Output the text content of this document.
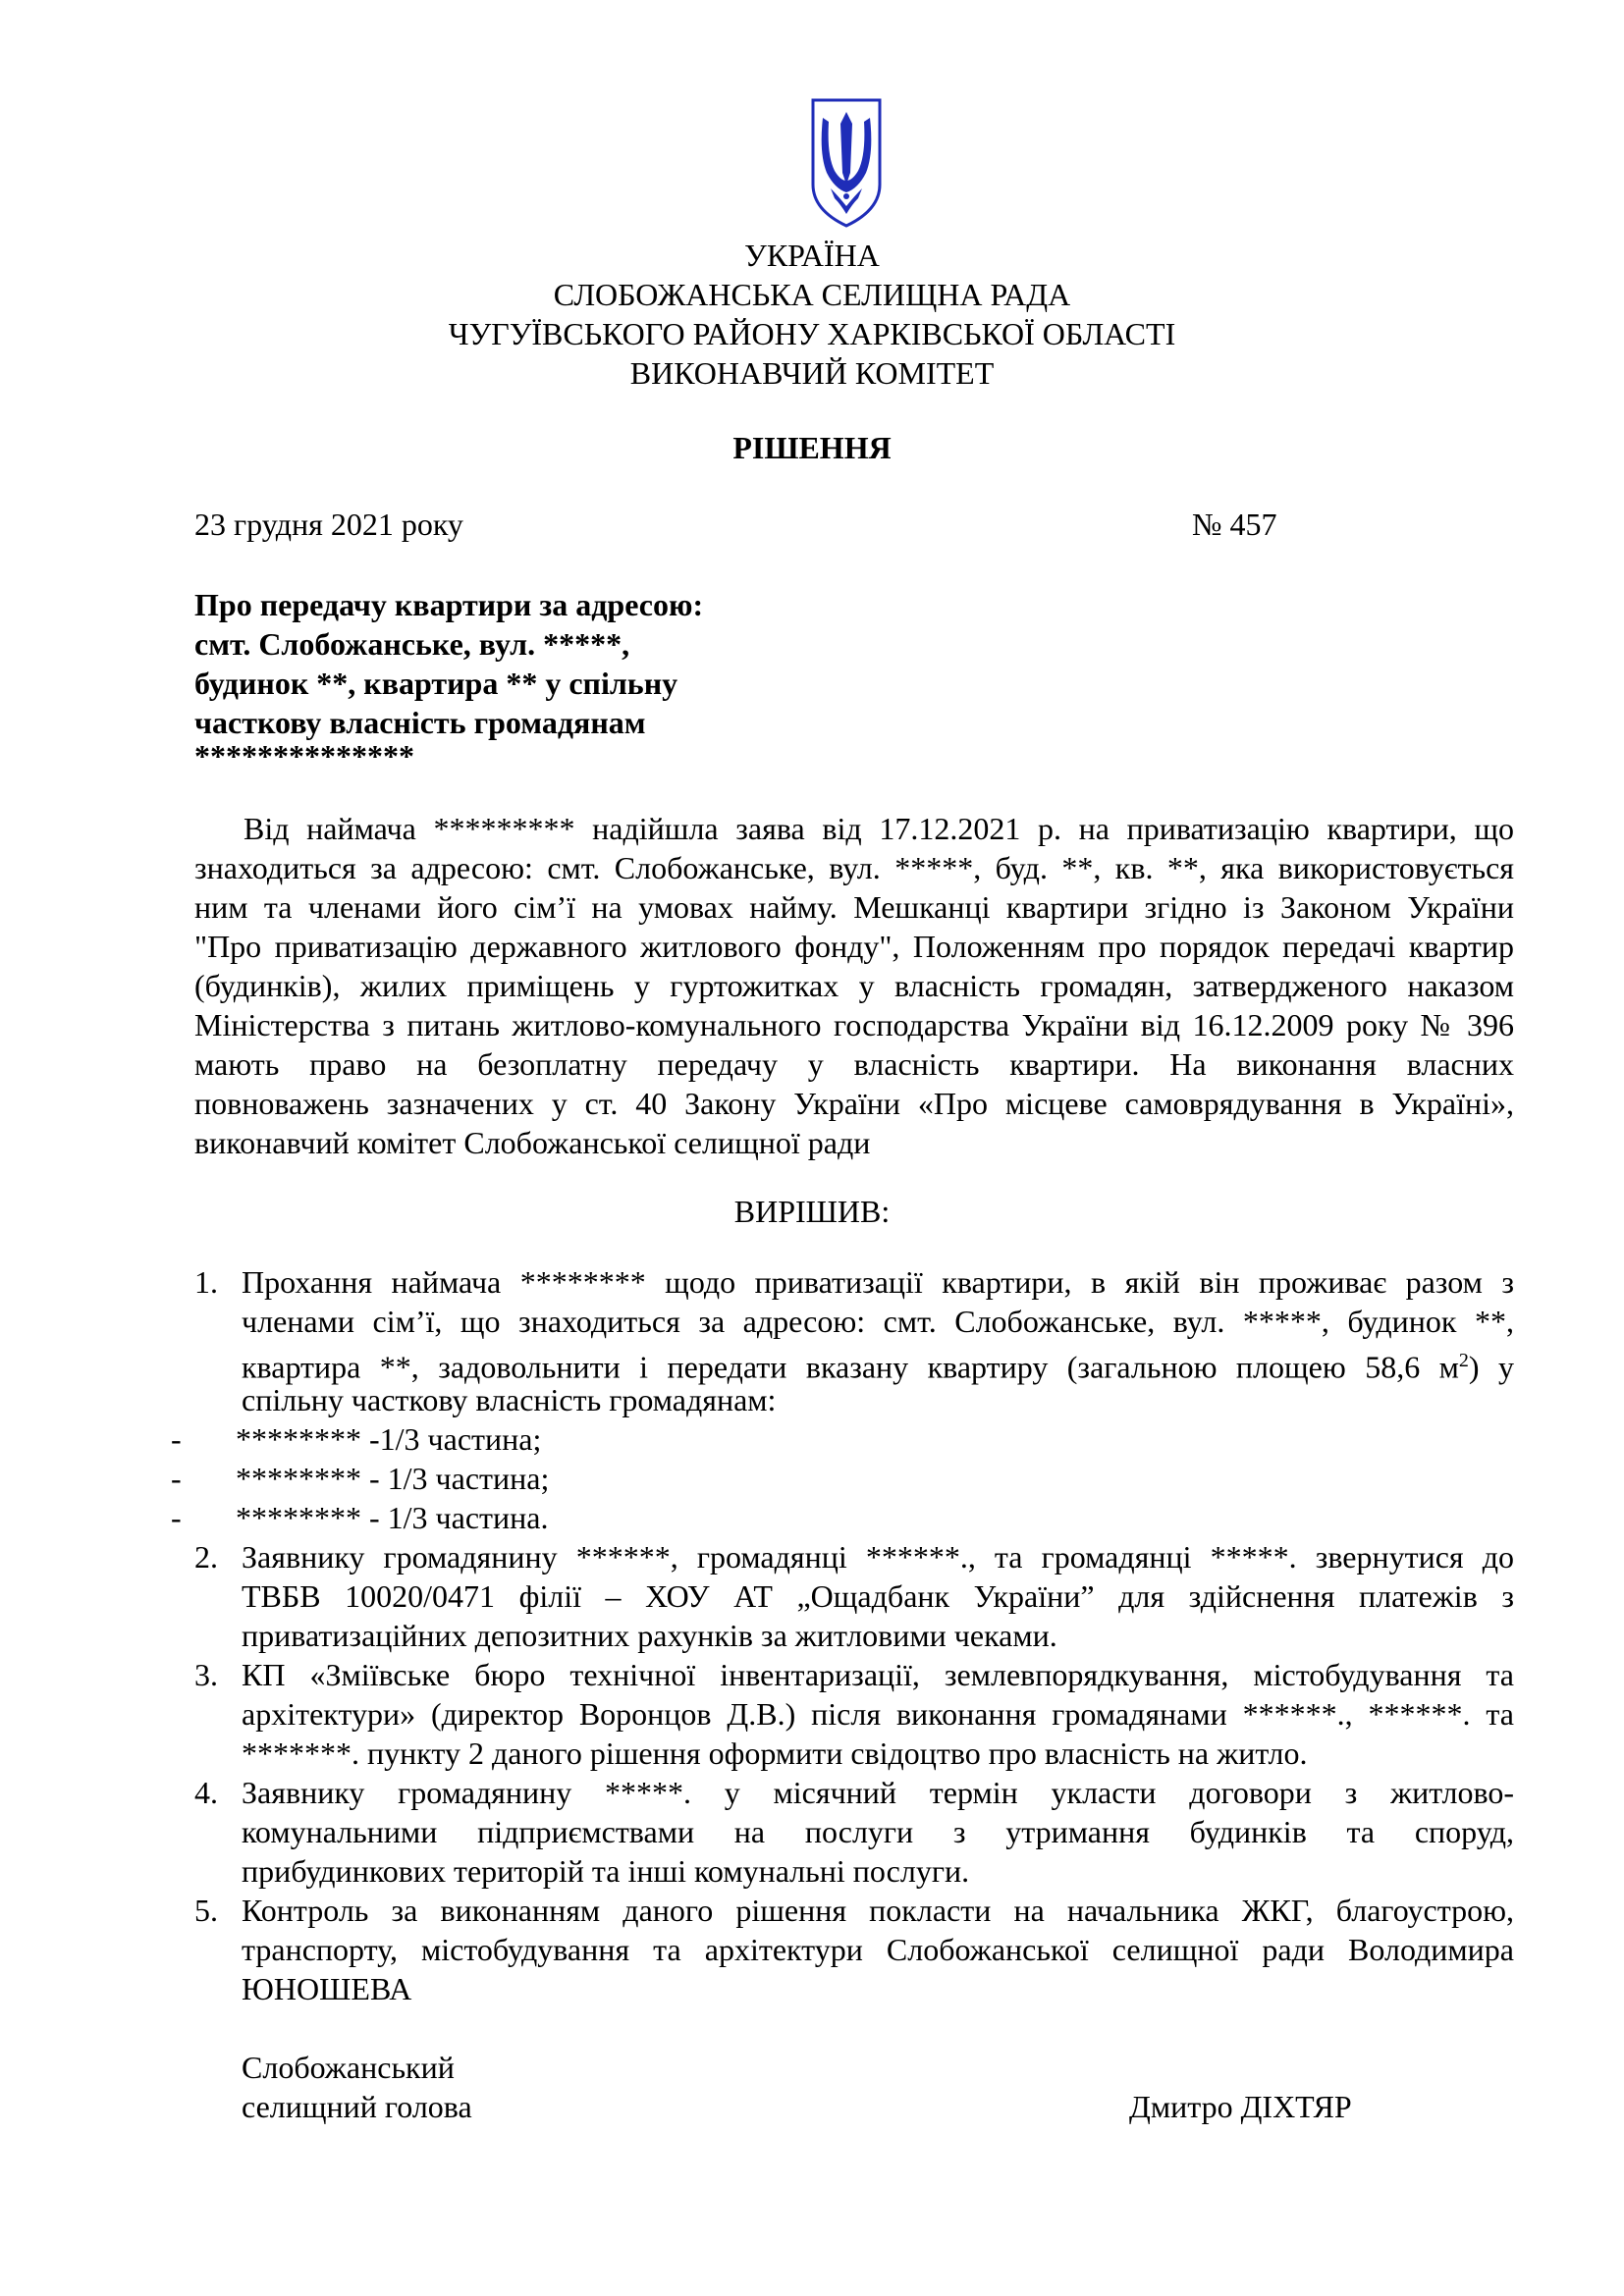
УКРАЇНА
СЛОБОЖАНСЬКА СЕЛИЩНА РАДА
ЧУГУЇВСЬКОГО РАЙОНУ ХАРКІВСЬКОЇ ОБЛАСТІ
ВИКОНАВЧИЙ КОМІТЕТ
РІШЕННЯ
23 грудня 2021 року	№ 457
Про передачу квартири за адресою:
смт. Слобожанське, вул. *****,
будинок **, квартира ** у спільну
часткову власність громадянам
**************
Від наймача ********* надійшла заява від 17.12.2021 р. на приватизацію квартири, що
знаходиться за адресою: смт. Слобожанське, вул. *****, буд. **, кв. **, яка використовується
ним та членами його сім’ї на умовах найму. Мешканці квартири згідно із Законом України
"Про приватизацію державного житлового фонду", Положенням про порядок передачі квартир
(будинків), жилих приміщень у гуртожитках у власність громадян, затвердженого наказом
Міністерства з питань житлово-комунального господарства України від 16.12.2009 року № 396
мають право на безоплатну передачу у власність квартири. На виконання власних
повноважень зазначених у ст. 40 Закону України «Про місцеве самоврядування в Україні»,
виконавчий комітет Слобожанської селищної ради
ВИРІШИВ:
1. Прохання наймача ******** щодо приватизації квартири, в якій він проживає разом з
членами сім’ї, що знаходиться за адресою: смт. Слобожанське, вул. *****, будинок **,
квартира **, задовольнити і передати вказану квартиру (загальною площею 58,6 $м^2$) у
спільну часткову власність громадянам:
- ******** -1/3 частина;
- ******** - 1/3 частина;
- ******** - 1/3 частина.
2. Заявнику громадянину ******, громадянці ******., та громадянці *****. звернутися до
ТВБВ 10020/0471 філії – ХОУ АТ „Ощадбанк України” для здійснення платежів з
приватизаційних депозитних рахунків за житловими чеками.
3. КП «Зміївське бюро технічної інвентаризації, землевпорядкування, містобудування та
архітектури» (директор Воронцов Д.В.) після виконання громадянами ******., ******. та
*******. пункту 2 даного рішення оформити свідоцтво про власність на житло.
4. Заявнику громадянину *****. у місячний термін укласти договори з житлово-
комунальними підприємствами на послуги з утримання будинків та споруд,
прибудинкових територій та інші комунальні послуги.
5. Контроль за виконанням даного рішення покласти на начальника ЖКГ, благоустрою,
транспорту, містобудування та архітектури Слобожанської селищної ради Володимира
ЮНОШЕВА
Слобожанський
селищний голова	Дмитро ДІХТЯР
